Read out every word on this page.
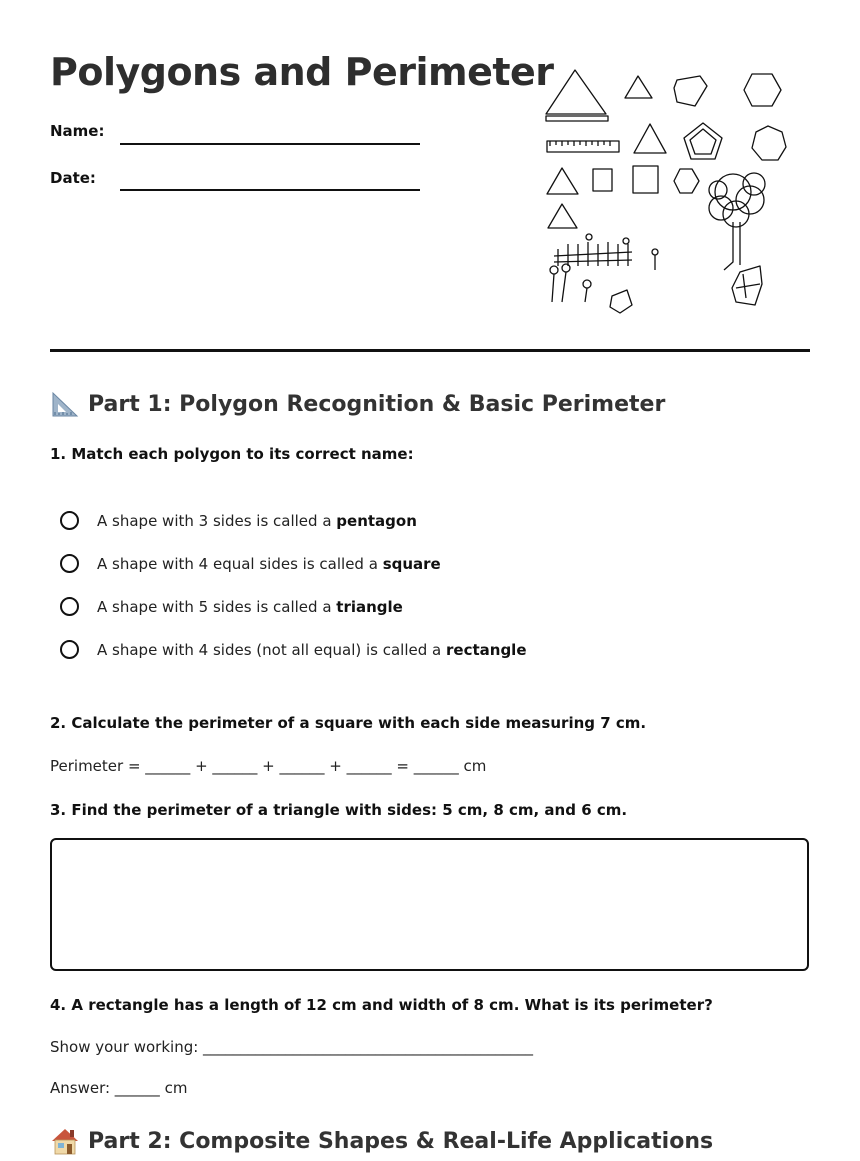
Polygons and Perimeter
Name:
Date:
Part 1: Polygon Recognition & Basic Perimeter
1. Match each polygon to its correct name:
A shape with 3 sides is called a
pentagon
A shape with 4 equal sides is called a
square
A shape with 5 sides is called a
triangle
A shape with 4 sides (not all equal) is called a
rectangle
2. Calculate the perimeter of a square with each side measuring 7 cm.
Perimeter = ______ + ______ + ______ + ______ = ______ cm
3. Find the perimeter of a triangle with sides: 5 cm, 8 cm, and 6 cm.
4. A rectangle has a length of 12 cm and width of 8 cm. What is its perimeter?
Show your working: ____________________________________________
Answer: ______ cm
Part 2: Composite Shapes & Real-Life Applications
